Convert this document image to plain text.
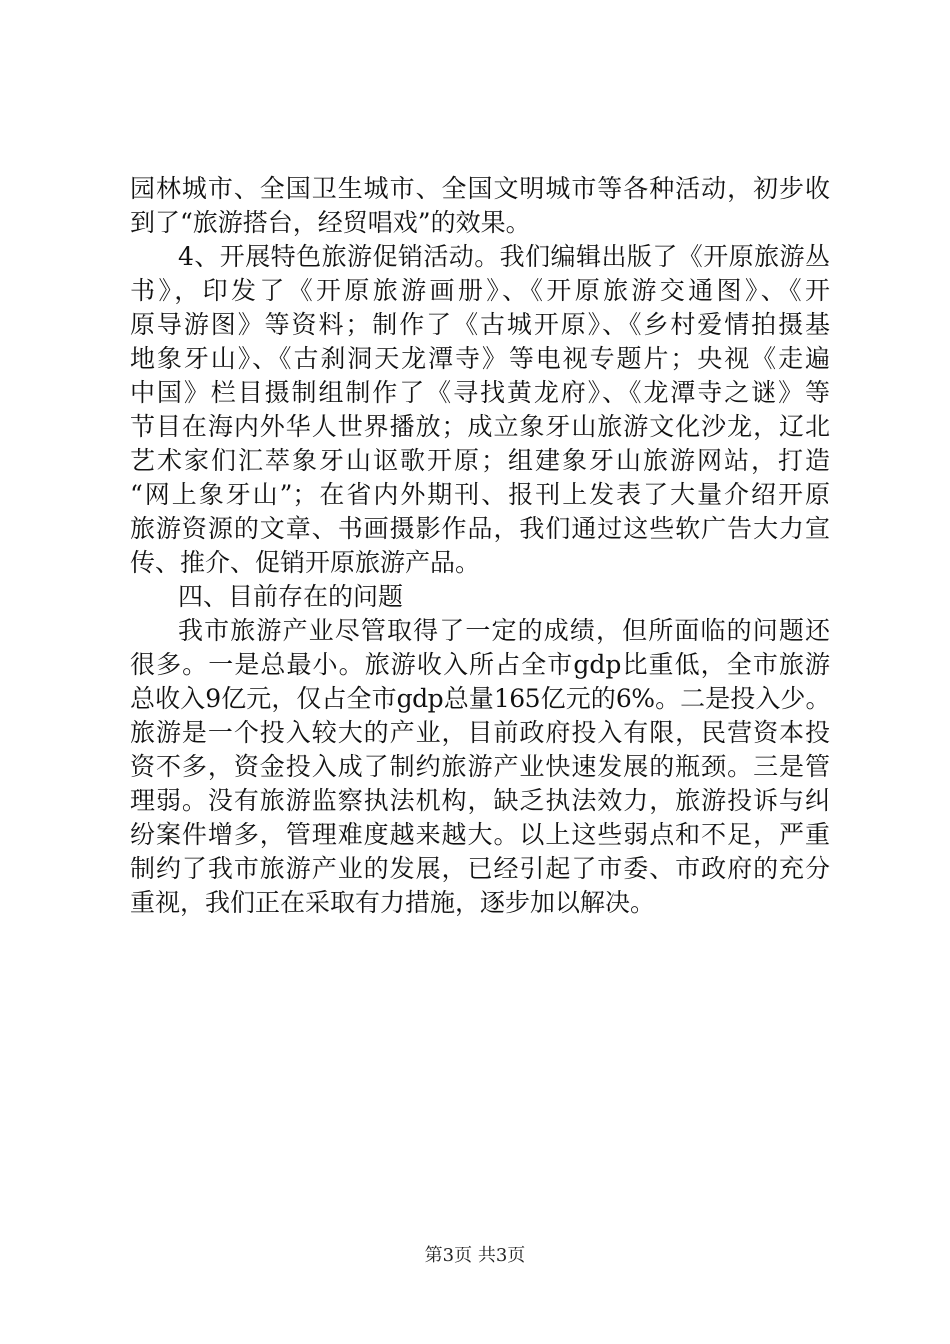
园林城市、全国卫生城市、全国文明城市等各种活动，初步收
到了“旅游搭台，经贸唱戏”的效果。
4、开展特色旅游促销活动。我们编辑出版了《开原旅游丛
书》，印发了《开原旅游画册》、《开原旅游交通图》、《开
原导游图》等资料；制作了《古城开原》、《乡村爱情拍摄基
地象牙山》、《古刹洞天龙潭寺》等电视专题片；央视《走遍
中国》栏目摄制组制作了《寻找黄龙府》、《龙潭寺之谜》等
节目在海内外华人世界播放；成立象牙山旅游文化沙龙，辽北
艺术家们汇萃象牙山讴歌开原；组建象牙山旅游网站，打造
“网上象牙山”；在省内外期刊、报刊上发表了大量介绍开原
旅游资源的文章、书画摄影作品，我们通过这些软广告大力宣
传、推介、促销开原旅游产品。
四、目前存在的问题
我市旅游产业尽管取得了一定的成绩，但所面临的问题还
很多。一是总最小。旅游收入所占全市gdp比重低，全市旅游
总收入9亿元，仅占全市gdp总量165亿元的6%。二是投入少。
旅游是一个投入较大的产业，目前政府投入有限，民营资本投
资不多，资金投入成了制约旅游产业快速发展的瓶颈。三是管
理弱。没有旅游监察执法机构，缺乏执法效力，旅游投诉与纠
纷案件增多，管理难度越来越大。以上这些弱点和不足，严重
制约了我市旅游产业的发展，已经引起了市委、市政府的充分
重视，我们正在采取有力措施，逐步加以解决。
第3页 共3页
